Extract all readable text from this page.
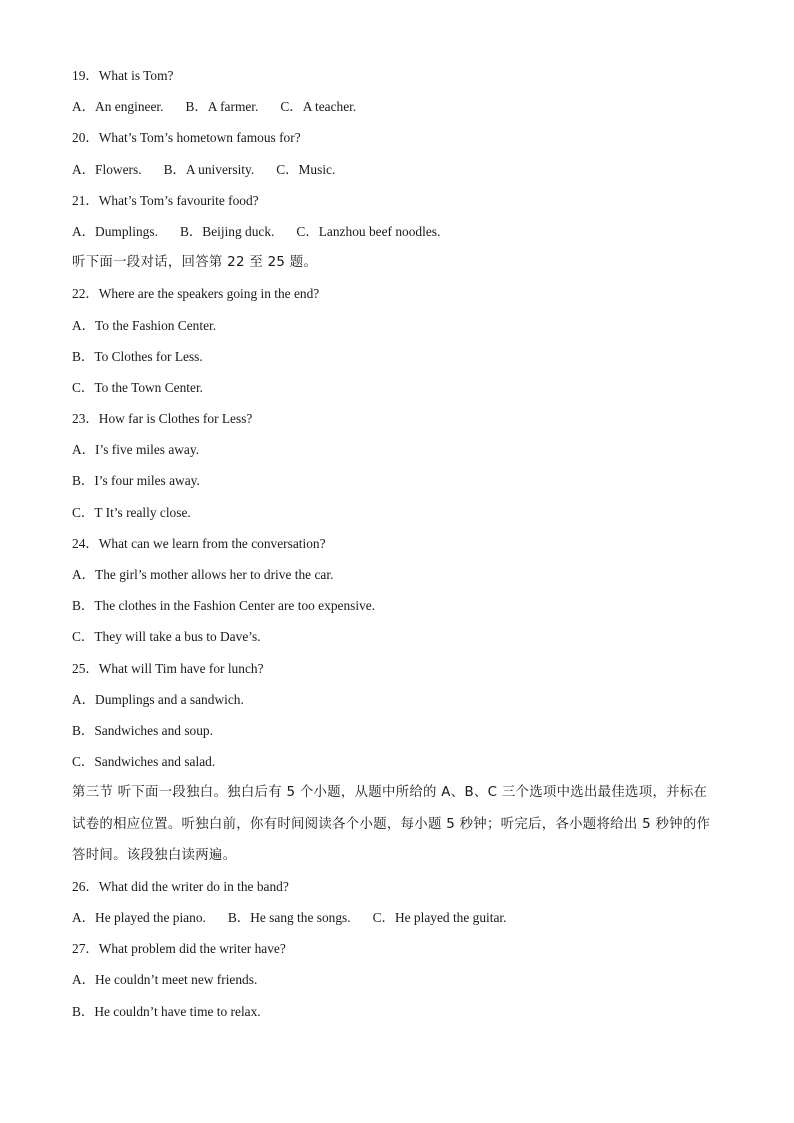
19．What is Tom?
A．An engineer. B．A farmer. C．A teacher.
20．What’s Tom’s hometown famous for?
A．Flowers. B．A university. C．Music.
21．What’s Tom’s favourite food?
A．Dumplings. B．Beijing duck. C．Lanzhou beef noodles.
听下面一段对话，回答第 22 至 25 题。
22．Where are the speakers going in the end?
A．To the Fashion Center.
B．To Clothes for Less.
C．To the Town Center.
23．How far is Clothes for Less?
A．I’s five miles away.
B．I’s four miles away.
C．T It’s really close.
24．What can we learn from the conversation?
A．The girl’s mother allows her to drive the car.
B．The clothes in the Fashion Center are too expensive.
C．They will take a bus to Dave’s.
25．What will Tim have for lunch?
A．Dumplings and a sandwich.
B．Sandwiches and soup.
C．Sandwiches and salad.
第三节 听下面一段独白。独白后有 5 个小题，从题中所给的 A、B、C 三个选项中选出最佳选项，并标在
试卷的相应位置。听独白前，你有时间阅读各个小题，每小题 5 秒钟；听完后，各小题将给出 5 秒钟的作
答时间。该段独白读两遍。
26．What did the writer do in the band?
A．He played the piano. B．He sang the songs. C．He played the guitar.
27．What problem did the writer have?
A．He couldn’t meet new friends.
B．He couldn’t have time to relax.
